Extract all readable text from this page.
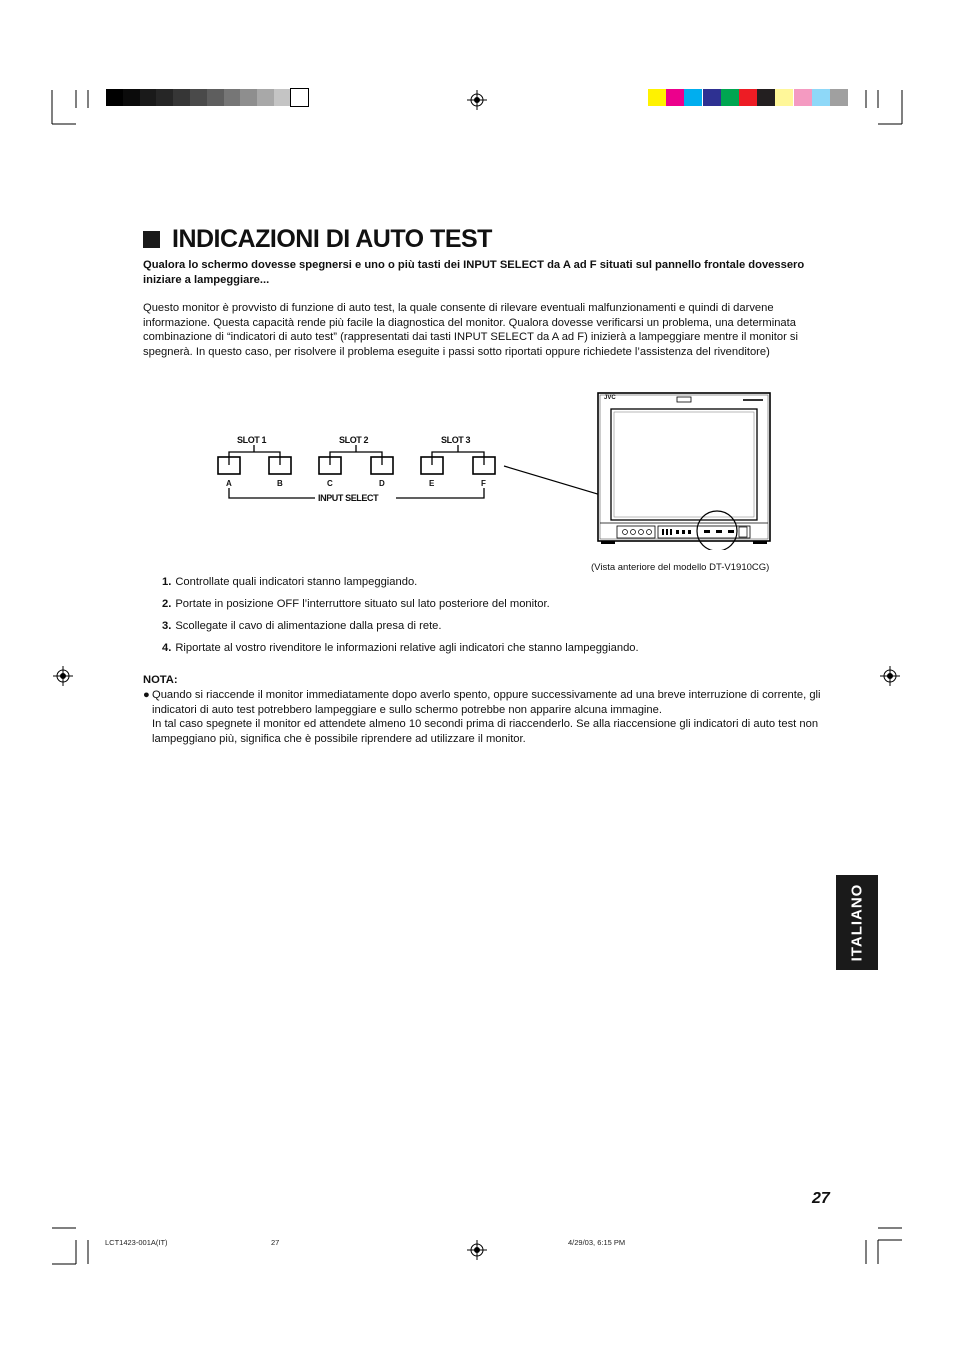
INDICAZIONI DI AUTO TEST
Qualora lo schermo dovesse spegnersi e uno o più tasti dei INPUT SELECT da A ad F situati sul pannello frontale dovessero iniziare a lampeggiare...
Questo monitor è provvisto di funzione di auto test, la quale consente di rilevare eventuali malfunzionamenti e quindi di darvene informazione. Questa capacità rende più facile la diagnostica del monitor. Qualora dovesse verificarsi un problema, una determinata combinazione di “indicatori di auto test” (rappresentati dai tasti INPUT SELECT da A ad F) inizierà a lampeggiare mentre il monitor si spegnerà. In questo caso, per risolvere il problema eseguite i passi sotto riportati oppure richiedete l’assistenza del rivenditore)
SLOT 1	SLOT 2	SLOT 3
A	B	C	D	E	F
INPUT SELECT
JVC
(Vista anteriore del modello DT-V1910CG)
1. Controllate quali indicatori stanno lampeggiando.
2. Portate in posizione OFF l’interruttore situato sul lato posteriore del monitor.
3. Scollegate il cavo di alimentazione dalla presa di rete.
4. Riportate al vostro rivenditore le informazioni relative agli indicatori che stanno lampeggiando.
NOTA:
● Quando si riaccende il monitor immediatamente dopo averlo spento, oppure successivamente ad una breve interruzione di corrente, gli indicatori di auto test potrebbero lampeggiare e sullo schermo potrebbe non apparire alcuna immagine.
In tal caso spegnete il monitor ed attendete almeno 10 secondi prima di riaccenderlo. Se alla riaccensione gli indicatori di auto test non lampeggiano più, significa che è possibile riprendere ad utilizzare il monitor.
ITALIANO
27
LCT1423-001A(IT)	27	4/29/03, 6:15 PM
